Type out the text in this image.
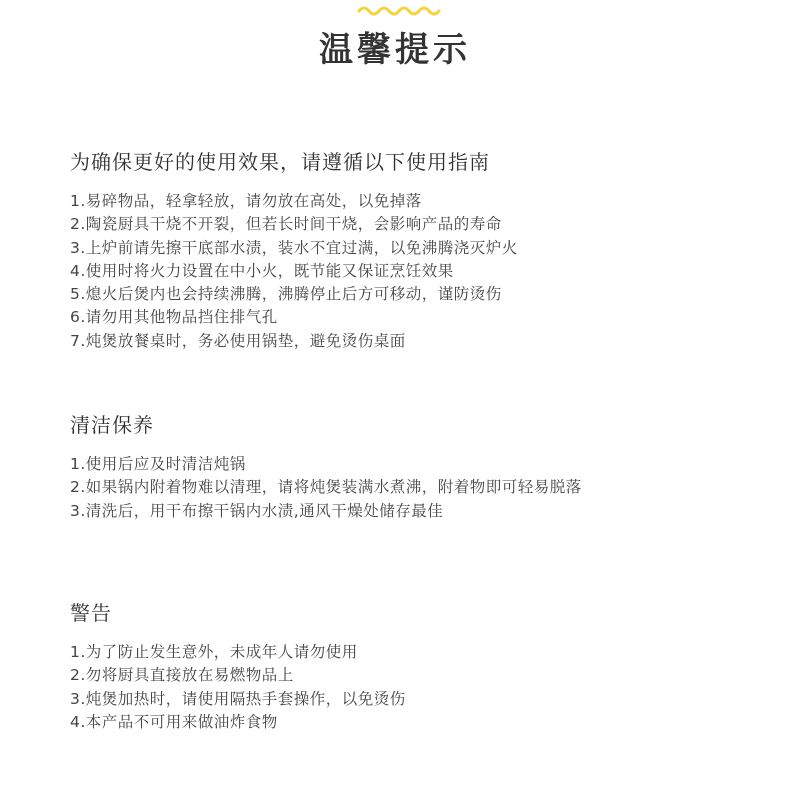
温馨提示
为确保更好的使用效果，请遵循以下使用指南
1.易碎物品，轻拿轻放，请勿放在高处，以免掉落
2.陶瓷厨具干烧不开裂，但若长时间干烧，会影响产品的寿命
3.上炉前请先擦干底部水渍，装水不宜过满，以免沸腾浇灭炉火
4.使用时将火力设置在中小火，既节能又保证烹饪效果
5.熄火后煲内也会持续沸腾，沸腾停止后方可移动，谨防烫伤
6.请勿用其他物品挡住排气孔
7.炖煲放餐桌时，务必使用锅垫，避免烫伤桌面
清洁保养
1.使用后应及时清洁炖锅
2.如果锅内附着物难以清理，请将炖煲装满水煮沸，附着物即可轻易脱落
3.清洗后，用干布擦干锅内水渍,通风干燥处储存最佳
警告
1.为了防止发生意外，未成年人请勿使用
2.勿将厨具直接放在易燃物品上
3.炖煲加热时，请使用隔热手套操作，以免烫伤
4.本产品不可用来做油炸食物
